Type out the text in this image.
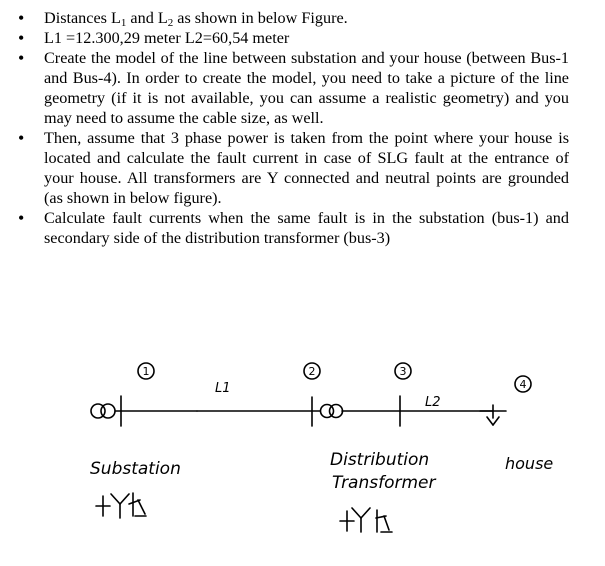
• Distances $L_1$ and $L_2$ as shown in below Figure.
• L1 =12.300,29 meter L2=60,54 meter
• Create the model of the line between substation and your house (between Bus-1 and Bus-4). In order to create the model, you need to take a picture of the line geometry (if it is not available, you can assume a realistic geometry) and you may need to assume the cable size, as well.
• Then, assume that 3 phase power is taken from the point where your house is located and calculate the fault current in case of SLG fault at the entrance of your house. All transformers are Y connected and neutral points are grounded (as shown in below figure).
• Calculate fault currents when the same fault is in the substation (bus-1) and secondary side of the distribution transformer (bus-3)
1	2	3
4
L1
L2
Substation	Distribution
Transformer
house
